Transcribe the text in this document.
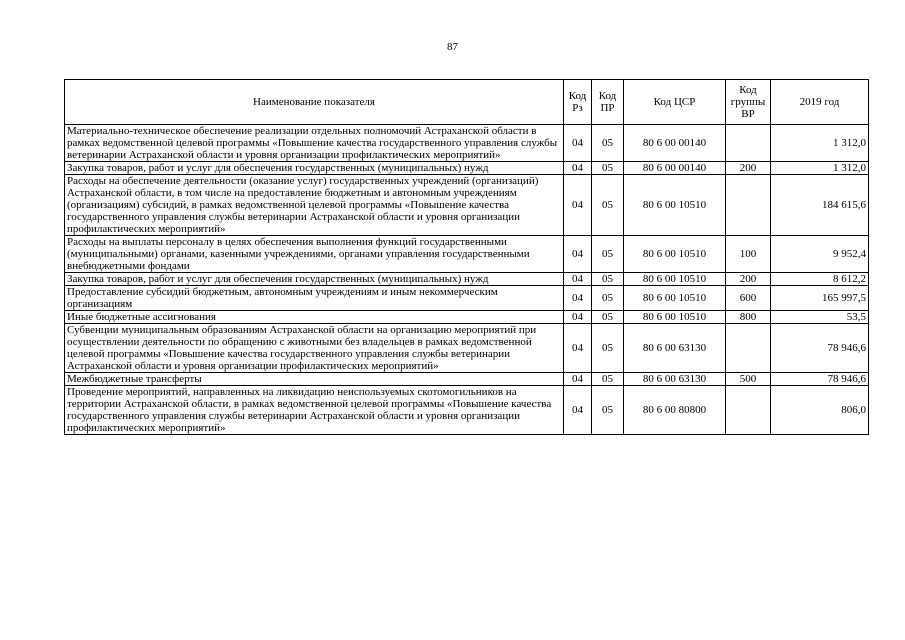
87
Наименование показателя	Код Рз	Код ПР	Код ЦСР	Код группы ВР	2019 год
Материально-техническое обеспечение реализации отдельных полномочий Астраханской области в рамках ведомственной целевой программы «Повышение качества государственного управления службы ветеринарии Астраханской области и уровня организации профилактических мероприятий»	04	05	80 6 00 00140		1 312,0
Закупка товаров, работ и услуг для обеспечения государственных (муниципальных) нужд	04	05	80 6 00 00140	200	1 312,0
Расходы на обеспечение деятельности (оказание услуг) государственных учреждений (организаций) Астраханской области, в том числе на предоставление бюджетным и автономным учреждениям (организациям) субсидий, в рамках ведомственной целевой программы «Повышение качества государственного управления службы ветеринарии Астраханской области и уровня организации профилактических мероприятий»	04	05	80 6 00 10510		184 615,6
Расходы на выплаты персоналу в целях обеспечения выполнения функций государственными (муниципальными) органами, казенными учреждениями, органами управления государственными внебюджетными фондами	04	05	80 6 00 10510	100	9 952,4
Закупка товаров, работ и услуг для обеспечения государственных (муниципальных) нужд	04	05	80 6 00 10510	200	8 612,2
Предоставление субсидий бюджетным, автономным учреждениям и иным некоммерческим организациям	04	05	80 6 00 10510	600	165 997,5
Иные бюджетные ассигнования	04	05	80 6 00 10510	800	53,5
Субвенции муниципальным образованиям Астраханской области на организацию мероприятий при осуществлении деятельности по обращению с животными без владельцев в рамках ведомственной целевой программы «Повышение качества государственного управления службы ветеринарии Астраханской области и уровня организации профилактических мероприятий»	04	05	80 6 00 63130		78 946,6
Межбюджетные трансферты	04	05	80 6 00 63130	500	78 946,6
Проведение мероприятий, направленных на ликвидацию неиспользуемых скотомогильников на территории Астраханской области, в рамках ведомственной целевой программы «Повышение качества государственного управления службы ветеринарии Астраханской области и уровня организации профилактических мероприятий»	04	05	80 6 00 80800		806,0
